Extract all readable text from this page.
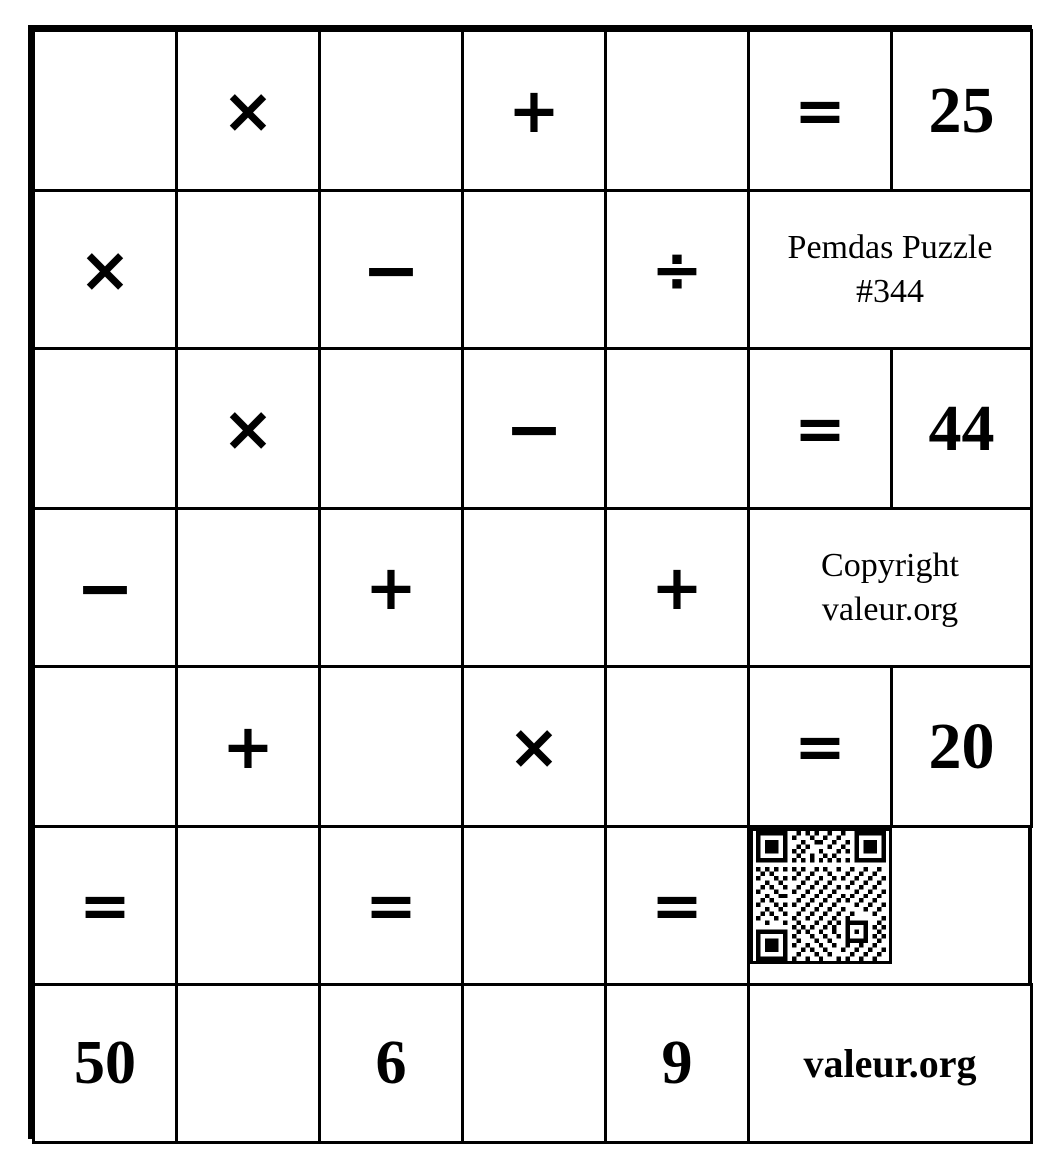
	×		+		=	25
×		−		÷	Pemdas Puzzle
#344	

	×		−		=	44
−		+		+	Copyright
valeur.org	

	+		×		=	20
=		=		=	

50		6		9	valeur.org	
